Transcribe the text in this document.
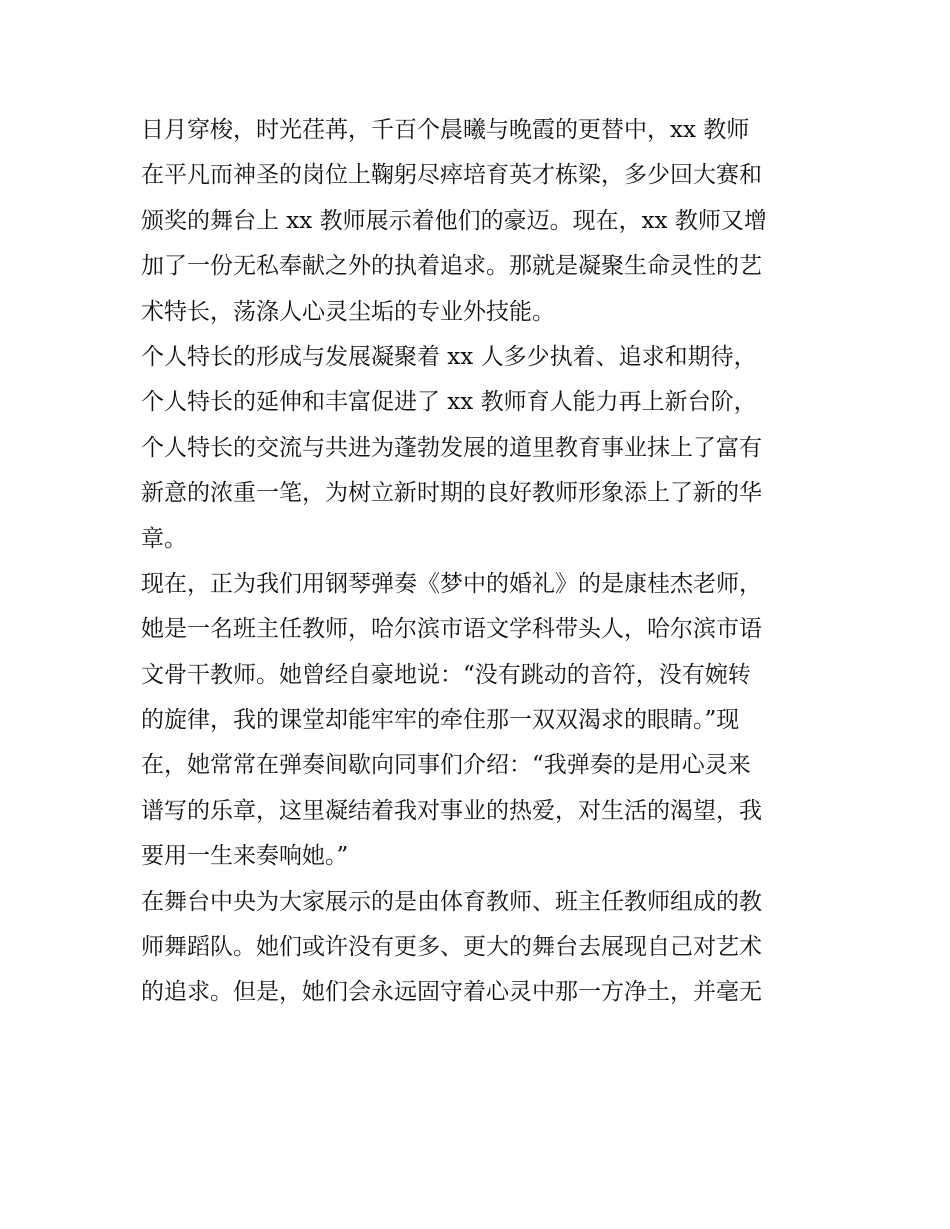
日月穿梭，时光荏苒，千百个晨曦与晚霞的更替中，xx 教师
在平凡而神圣的岗位上鞠躬尽瘁培育英才栋梁，多少回大赛和
颁奖的舞台上 xx 教师展示着他们的豪迈。现在，xx 教师又增
加了一份无私奉献之外的执着追求。那就是凝聚生命灵性的艺
术特长，荡涤人心灵尘垢的专业外技能。
个人特长的形成与发展凝聚着 xx 人多少执着、追求和期待，
个人特长的延伸和丰富促进了 xx 教师育人能力再上新台阶，
个人特长的交流与共进为蓬勃发展的道里教育事业抹上了富有
新意的浓重一笔，为树立新时期的良好教师形象添上了新的华
章。
现在，正为我们用钢琴弹奏《梦中的婚礼》的是康桂杰老师，
她是一名班主任教师，哈尔滨市语文学科带头人，哈尔滨市语
文骨干教师。她曾经自豪地说：“没有跳动的音符，没有婉转
的旋律，我的课堂却能牢牢的牵住那一双双渴求的眼睛。”现
在，她常常在弹奏间歇向同事们介绍：“我弹奏的是用心灵来
谱写的乐章，这里凝结着我对事业的热爱，对生活的渴望，我
要用一生来奏响她。”
在舞台中央为大家展示的是由体育教师、班主任教师组成的教
师舞蹈队。她们或许没有更多、更大的舞台去展现自己对艺术
的追求。但是，她们会永远固守着心灵中那一方净土，并毫无
